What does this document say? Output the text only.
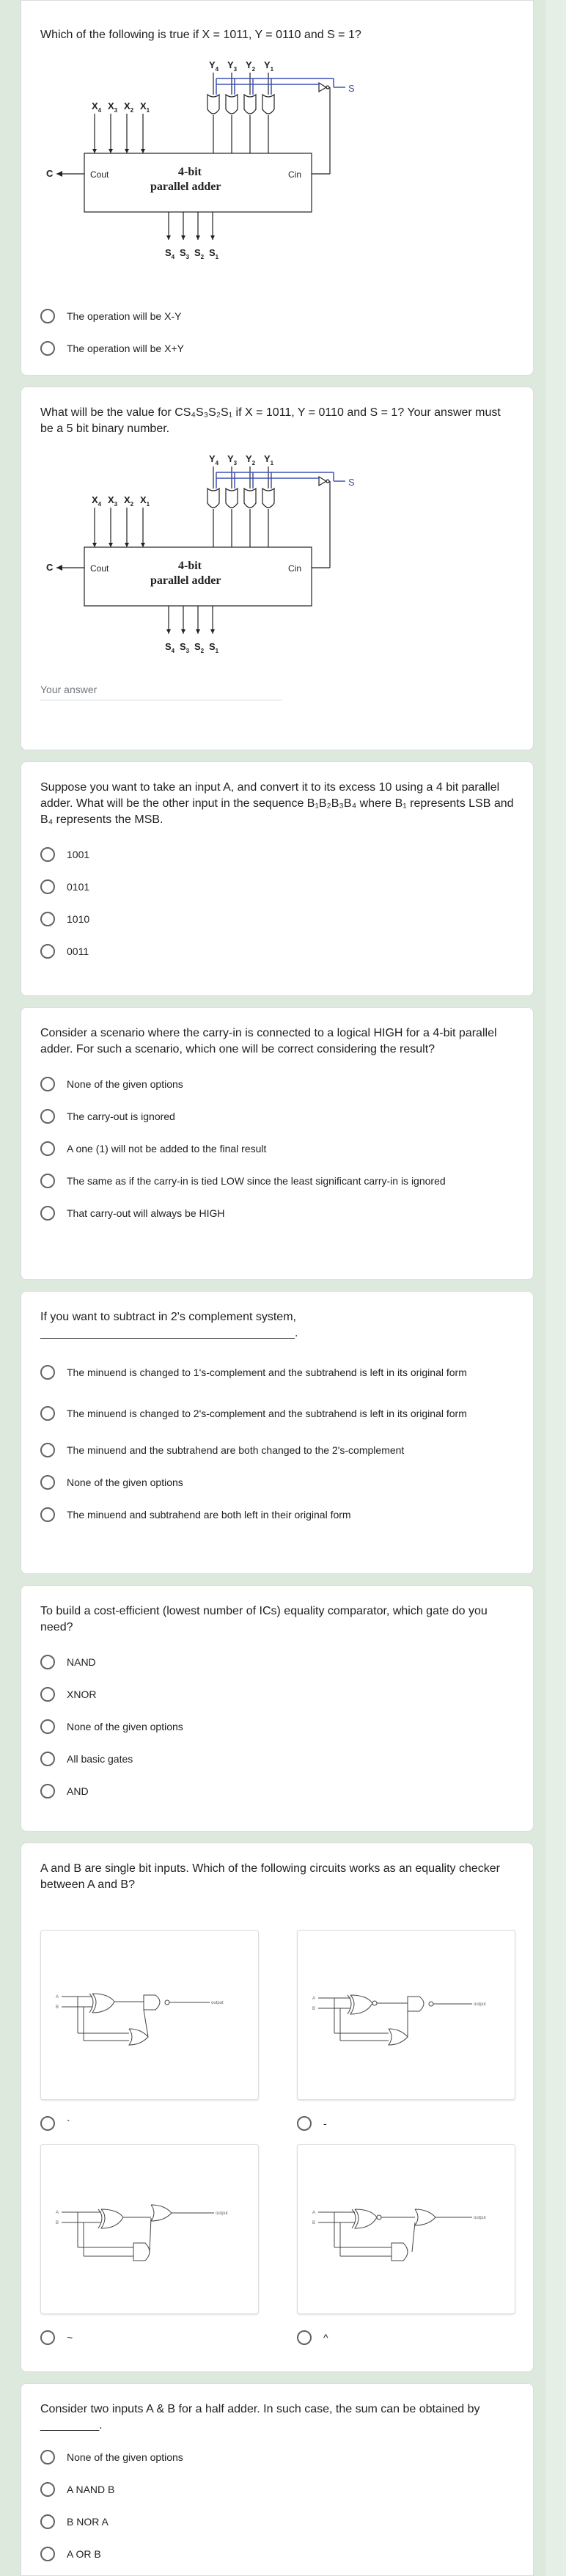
Which of the following is true if X = 1011, Y = 0110 and S = 1?

$Y_4$ $Y_3$ $Y_2$ $Y_1$
$X_4$ $X_3$ $X_2$ $X_1$
C	Cout	Cin
4-bit
parallel adder
S
$S_4$ $S_3$ $S_2$ $S_1$
The operation will be X-Y
The operation will be X+Y

What will be the value for CS₄S₃S₂S₁ if X = 1011, Y = 0110 and S = 1? Your answer must be a 5 bit binary number.

$Y_4$ $Y_3$ $Y_2$ $Y_1$
$X_4$ $X_3$ $X_2$ $X_1$
C	Cout	Cin
4-bit
parallel adder
S
$S_4$ $S_3$ $S_2$ $S_1$
Your answer

Suppose you want to take an input A, and convert it to its excess 10 using a 4 bit parallel adder. What will be the other input in the sequence B₁B₂B₃B₄ where B₁ represents LSB and B₄ represents the MSB.

1001
0101
1010
0011

Consider a scenario where the carry-in is connected to a logical HIGH for a 4-bit parallel adder. For such a scenario, which one will be correct considering the result?

None of the given options
The carry-out is ignored
A one (1) will not be added to the final result
The same as if the carry-in is tied LOW since the least significant carry-in is ignored
That carry-out will always be HIGH

If you want to subtract in 2's complement system, _______________________________________.

The minuend is changed to 1's-complement and the subtrahend is left in its original form
The minuend is changed to 2's-complement and the subtrahend is left in its original form
The minuend and the subtrahend are both changed to the 2's-complement
None of the given options
The minuend and subtrahend are both left in their original form

To build a cost-efficient (lowest number of ICs) equality comparator, which gate do you need?

NAND
XNOR
None of the given options
All basic gates
AND

A and B are single bit inputs. Which of the following circuits works as an equality checker between A and B?

A
B
output
A
B
output
`	-
A
B
output	A
B
output
~	^

Consider two inputs A & B for a half adder. In such case, the sum can be obtained by _________.

None of the given options
A NAND B
B NOR A
A OR B
